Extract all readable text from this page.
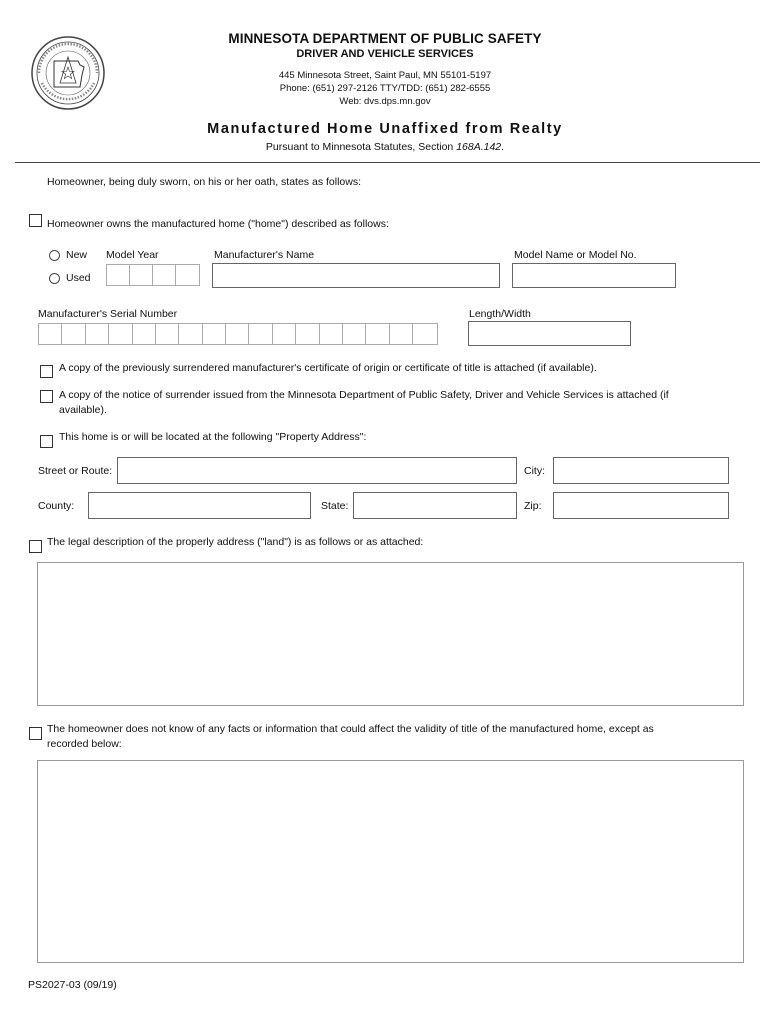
MINNESOTA DEPARTMENT OF PUBLIC SAFETY
DRIVER AND VEHICLE SERVICES
445 Minnesota Street, Saint Paul, MN 55101-5197
Phone: (651) 297-2126 TTY/TDD: (651) 282-6555
Web: dvs.dps.mn.gov
Manufactured Home Unaffixed from Realty
Pursuant to Minnesota Statutes, Section 168A.142.
Homeowner, being duly sworn, on his or her oath, states as follows:
Homeowner owns the manufactured home ("home") described as follows:
New
Used
Model Year	Manufacturer's Name	Model Name or Model No.
Manufacturer's Serial Number	Length/Width
A copy of the previously surrendered manufacturer's certificate of origin or certificate of title is attached (if available).
A copy of the notice of surrender issued from the Minnesota Department of Public Safety, Driver and Vehicle Services is attached (if
available).
This home is or will be located at the following "Property Address":
Street or Route:	City:
County:	State:	Zip:
The legal description of the properly address ("land") is as follows or as attached:
The homeowner does not know of any facts or information that could affect the validity of title of the manufactured home, except as
recorded below:
PS2027-03 (09/19)
